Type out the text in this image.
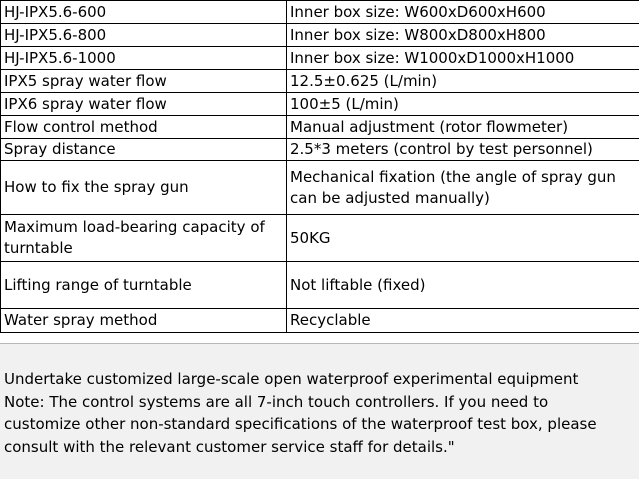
HJ-IPX5.6-600	Inner box size: W600xD600xH600
HJ-IPX5.6-800	Inner box size: W800xD800xH800
HJ-IPX5.6-1000	Inner box size: W1000xD1000xH1000
IPX5 spray water flow	12.5±0.625 (L/min)
IPX6 spray water flow	100±5 (L/min)
Flow control method	Manual adjustment (rotor flowmeter)
Spray distance	2.5*3 meters (control by test personnel)
How to fix the spray gun	Mechanical fixation (the angle of spray gun can be adjusted manually)
Maximum load-bearing capacity of turntable	50KG
Lifting range of turntable	Not liftable (fixed)
Water spray method	Recyclable

Undertake customized large-scale open waterproof experimental equipment

Note: The control systems are all 7-inch touch controllers. If you need to

customize other non-standard specifications of the waterproof test box, please

consult with the relevant customer service staff for details."
